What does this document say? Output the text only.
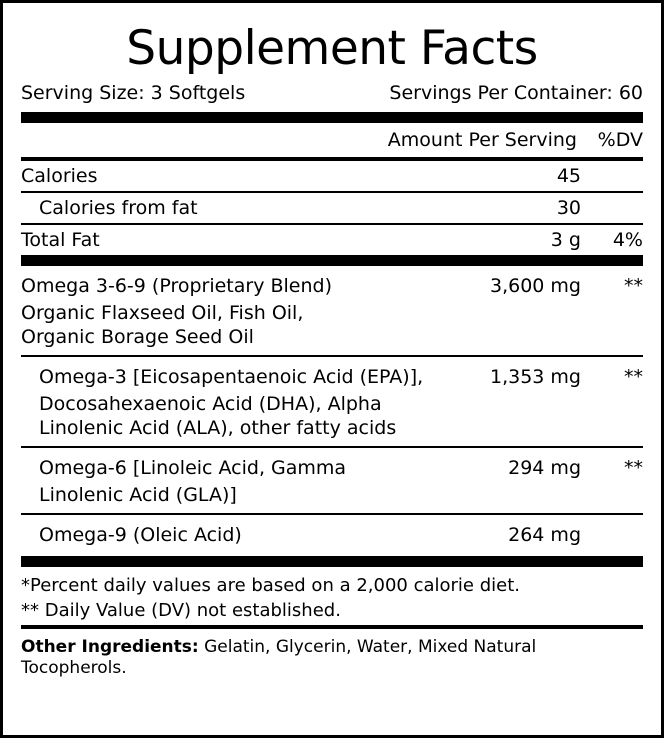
Supplement Facts
Serving Size: 3 Softgels	Servings Per Container: 60
Amount Per Serving	%DV
Calories	45
Calories from fat	30
Total Fat	3 g	4%
Omega 3-6-9 (Proprietary Blend)	3,600 mg	**
Organic Flaxseed Oil, Fish Oil,
Organic Borage Seed Oil
Omega-3 [Eicosapentaenoic Acid (EPA)],	1,353 mg	**
Docosahexaenoic Acid (DHA), Alpha
Linolenic Acid (ALA), other fatty acids
Omega-6 [Linoleic Acid, Gamma	294 mg	**
Linolenic Acid (GLA)]
Omega-9 (Oleic Acid)	264 mg
*Percent daily values are based on a 2,000 calorie diet.
** Daily Value (DV) not established.
Other Ingredients: Gelatin, Glycerin, Water, Mixed Natural Tocopherols.
